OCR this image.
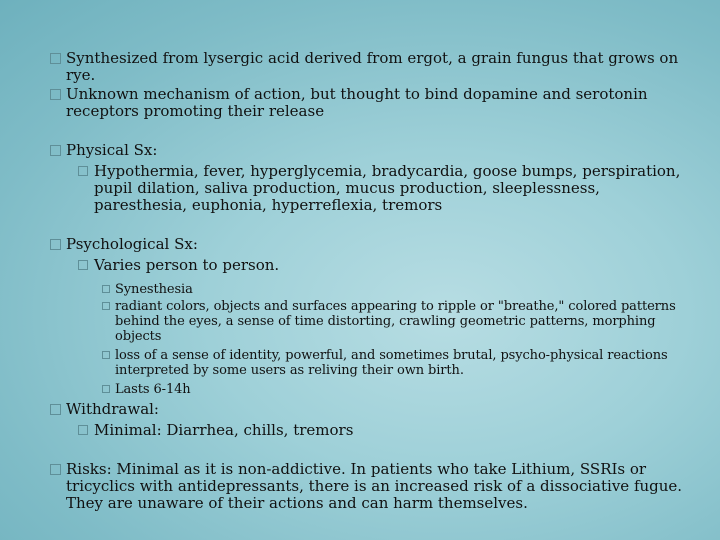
Synthesized from lysergic acid derived from ergot, a grain fungus that grows on rye.
Unknown mechanism of action, but thought to bind dopamine and serotonin receptors promoting their release
Physical Sx:
Hypothermia, fever, hyperglycemia, bradycardia, goose bumps, perspiration, pupil dilation, saliva production, mucus production, sleeplessness, paresthesia, euphonia, hyperreflexia, tremors
Psychological Sx:
Varies person to person.
Synesthesia
radiant colors, objects and surfaces appearing to ripple or "breathe," colored patterns behind the eyes, a sense of time distorting, crawling geometric patterns, morphing objects
loss of a sense of identity, powerful, and sometimes brutal, psycho-physical reactions interpreted by some users as reliving their own birth.
Lasts 6-14h
Withdrawal:
Minimal: Diarrhea, chills, tremors
Risks: Minimal as it is non-addictive. In patients who take Lithium, SSRIs or tricyclics with antidepressants, there is an increased risk of a dissociative fugue. They are unaware of their actions and can harm themselves.
